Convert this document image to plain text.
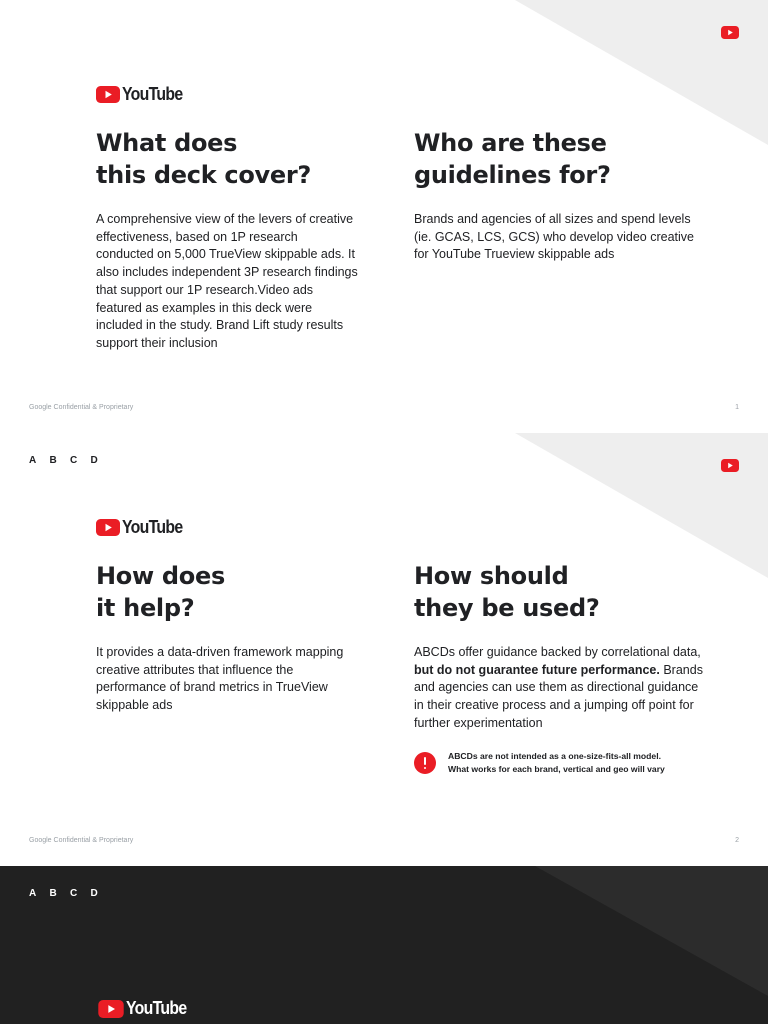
YouTube
What does
this deck cover?
Who are these
guidelines for?

A comprehensive view of the levers of creative effectiveness, based on 1P research conducted on 5,000 TrueView skippable ads. It also includes independent 3P research findings that support our 1P research.Video ads featured as examples in this deck were included in the study. Brand Lift study results support their inclusion

Brands and agencies of all sizes and spend levels (ie. GCAS, LCS, GCS) who develop video creative for YouTube Trueview skippable ads

Google Confidential & Proprietary	1
A	B	C	D
YouTube
How does
it help?
How should
they be used?

It provides a data-driven framework mapping creative attributes that influence the performance of brand metrics in TrueView skippable ads

ABCDs offer guidance backed by correlational data, but do not guarantee future performance. Brands and agencies can use them as directional guidance in their creative process and a jumping off point for further experimentation

ABCDs are not intended as a one-size-fits-all model.
What works for each brand, vertical and geo will vary
Google Confidential & Proprietary	2
A	B	C	D
YouTube
